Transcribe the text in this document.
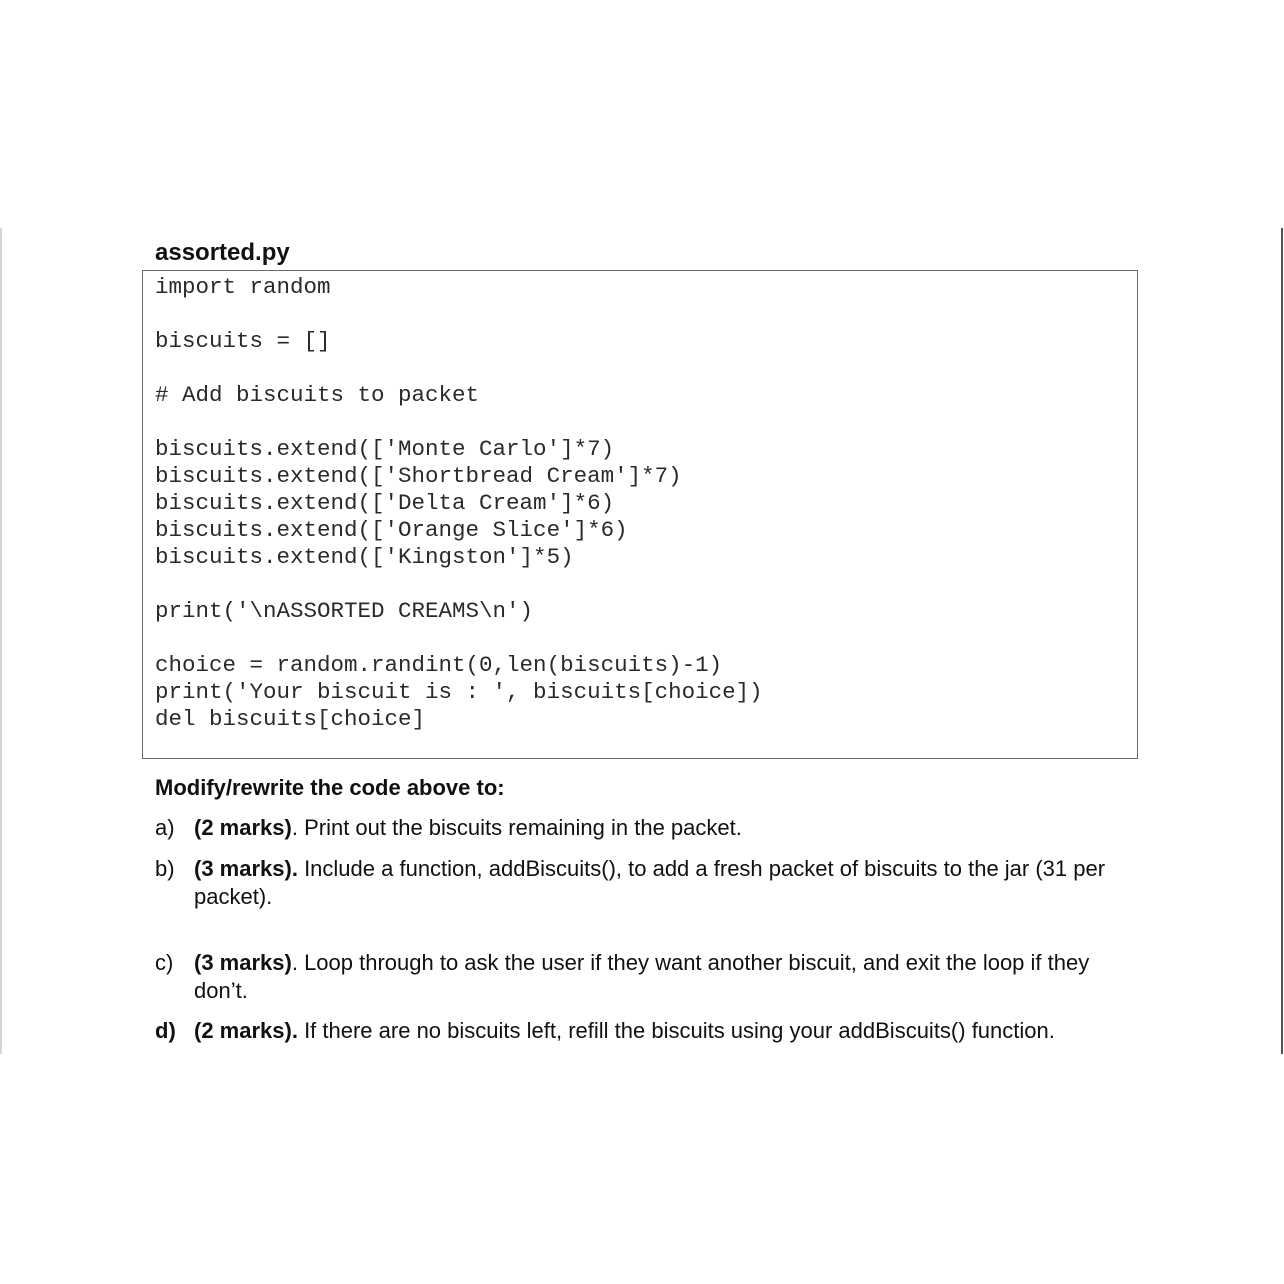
assorted.py
import random
biscuits = []
# Add biscuits to packet
biscuits.extend(['Monte Carlo']*7)
biscuits.extend(['Shortbread Cream']*7)
biscuits.extend(['Delta Cream']*6)
biscuits.extend(['Orange Slice']*6)
biscuits.extend(['Kingston']*5)
print('\nASSORTED CREAMS\n')
choice = random.randint(0,len(biscuits)-1)
print('Your biscuit is : ', biscuits[choice])
del biscuits[choice]
Modify/rewrite the code above to:
a) (2 marks). Print out the biscuits remaining in the packet.
b) (3 marks). Include a function, addBiscuits(), to add a fresh packet of biscuits to the jar (31 per packet).
c) (3 marks). Loop through to ask the user if they want another biscuit, and exit the loop if they don’t.
d) (2 marks). If there are no biscuits left, refill the biscuits using your addBiscuits() function.
